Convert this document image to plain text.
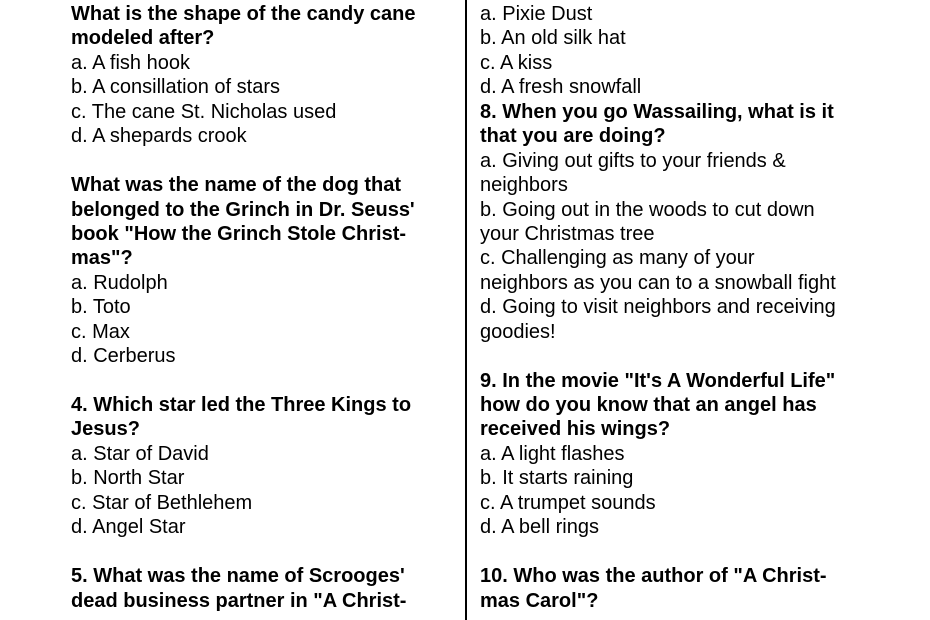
What is the shape of the candy cane
modeled after?
a. A fish hook
b. A consillation of stars
c. The cane St. Nicholas used
d. A shepards crook
What was the name of the dog that
belonged to the Grinch in Dr. Seuss'
book "How the Grinch Stole Christ-
mas"?
a. Rudolph
b. Toto
c. Max
d. Cerberus
4. Which star led the Three Kings to
Jesus?
a. Star of David
b. North Star
c. Star of Bethlehem
d. Angel Star
5. What was the name of Scrooges'
dead business partner in "A Christ-
a. Pixie Dust
b. An old silk hat
c. A kiss
d. A fresh snowfall
8. When you go Wassailing, what is it
that you are doing?
a. Giving out gifts to your friends &
neighbors
b. Going out in the woods to cut down
your Christmas tree
c. Challenging as many of your
neighbors as you can to a snowball fight
d. Going to visit neighbors and receiving
goodies!
9. In the movie "It's A Wonderful Life"
how do you know that an angel has
received his wings?
a. A light flashes
b. It starts raining
c. A trumpet sounds
d. A bell rings
10. Who was the author of "A Christ-
mas Carol"?
